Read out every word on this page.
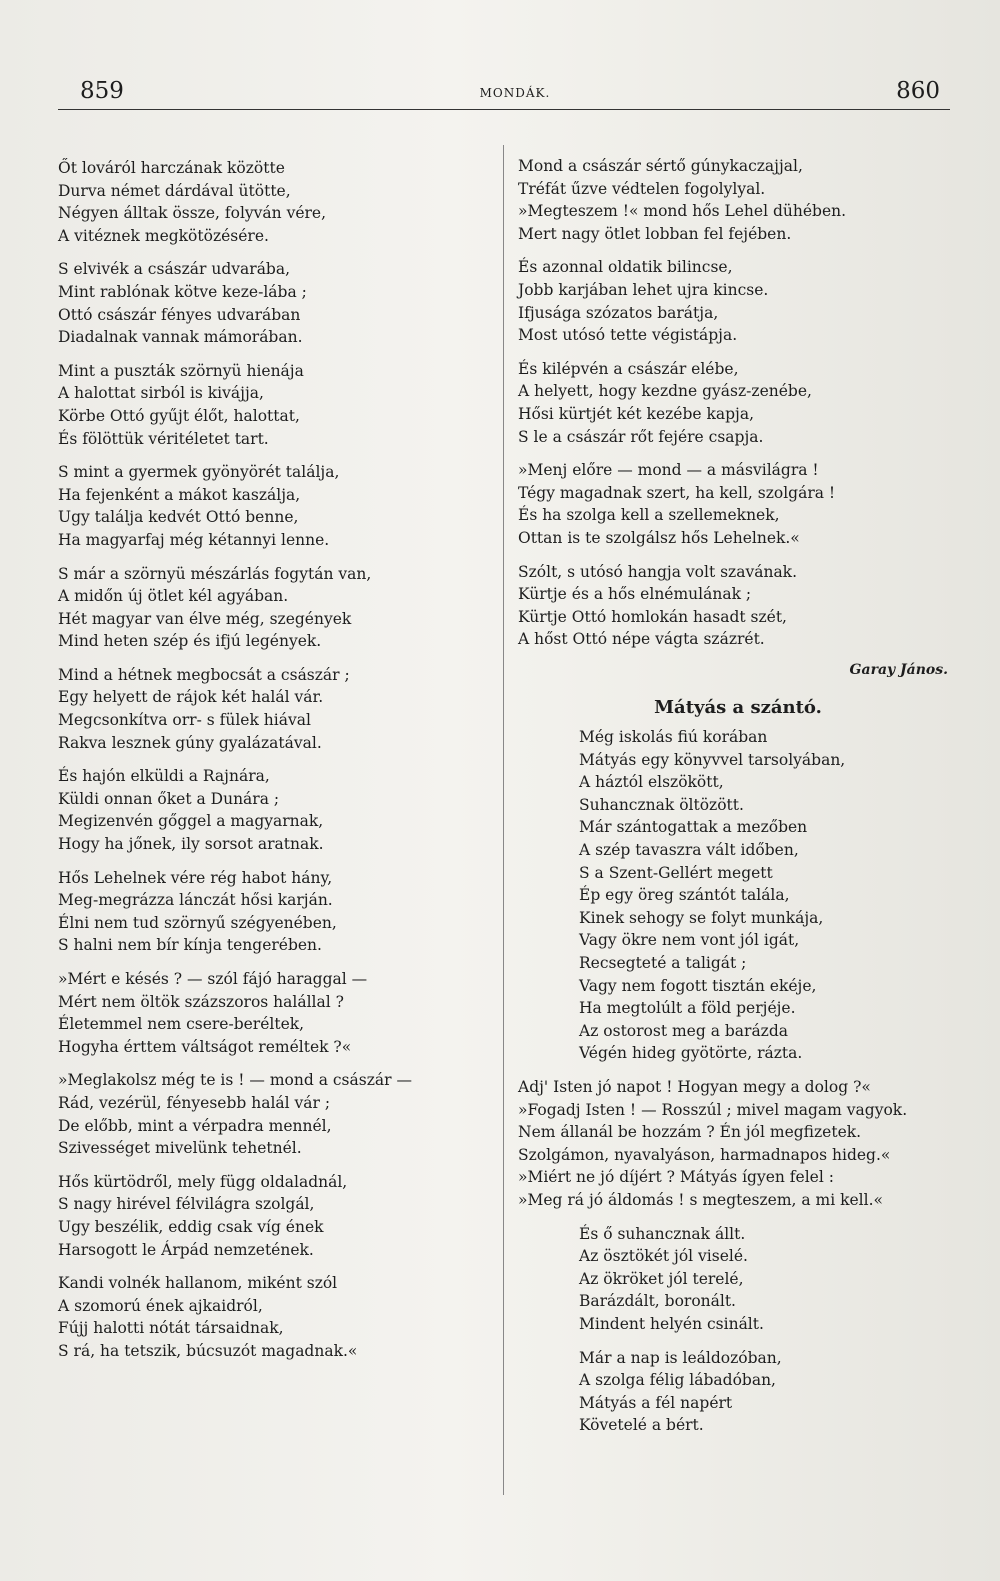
859	MONDÁK.	860
Őt lováról harczának közötte
Durva német dárdával ütötte,
Négyen álltak össze, folyván vére,
A vitéznek megkötözésére.
S elvivék a császár udvarába,
Mint rablónak kötve keze-lába ;
Ottó császár fényes udvarában
Diadalnak vannak mámorában.
Mint a puszták szörnyü hienája
A halottat sirból is kivájja,
Körbe Ottó gyűjt élőt, halottat,
És fölöttük véritéletet tart.
S mint a gyermek gyönyörét találja,
Ha fejenként a mákot kaszálja,
Ugy találja kedvét Ottó benne,
Ha magyarfaj még kétannyi lenne.
S már a szörnyü mészárlás fogytán van,
A midőn új ötlet kél agyában.
Hét magyar van élve még, szegények
Mind heten szép és ifjú legények.
Mind a hétnek megbocsát a császár ;
Egy helyett de rájok két halál vár.
Megcsonkítva orr- s fülek hiával
Rakva lesznek gúny gyalázatával.
És hajón elküldi a Rajnára,
Küldi onnan őket a Dunára ;
Megizenvén gőggel a magyarnak,
Hogy ha jőnek, ily sorsot aratnak.
Hős Lehelnek vére rég habot hány,
Meg-megrázza lánczát hősi karján.
Élni nem tud szörnyű szégyenében,
S halni nem bír kínja tengerében.
»Mért e késés ? — szól fájó haraggal —
Mért nem öltök százszoros halállal ?
Életemmel nem csere-beréltek,
Hogyha érttem váltságot reméltek ?«
»Meglakolsz még te is ! — mond a császár —
Rád, vezérül, fényesebb halál vár ;
De előbb, mint a vérpadra mennél,
Szivességet mivelünk tehetnél.
Hős kürtödről, mely függ oldaladnál,
S nagy hirével félvilágra szolgál,
Ugy beszélik, eddig csak víg ének
Harsogott le Árpád nemzetének.
Kandi volnék hallanom, miként szól
A szomorú ének ajkaidról,
Fújj halotti nótát társaidnak,
S rá, ha tetszik, búcsuzót magadnak.«
Mond a császár sértő gúnykaczajjal,
Tréfát űzve védtelen fogolylyal.
»Megteszem !« mond hős Lehel dühében.
Mert nagy ötlet lobban fel fejében.
És azonnal oldatik bilincse,
Jobb karjában lehet ujra kincse.
Ifjusága szózatos barátja,
Most utósó tette végistápja.
És kilépvén a császár elébe,
A helyett, hogy kezdne gyász-zenébe,
Hősi kürtjét két kezébe kapja,
S le a császár rőt fejére csapja.
»Menj előre — mond — a másvilágra !
Tégy magadnak szert, ha kell, szolgára !
És ha szolga kell a szellemeknek,
Ottan is te szolgálsz hős Lehelnek.«
Szólt, s utósó hangja volt szavának.
Kürtje és a hős elnémulának ;
Kürtje Ottó homlokán hasadt szét,
A hőst Ottó népe vágta százrét.
Garay János.
Mátyás a szántó.
Még iskolás fiú korában
Mátyás egy könyvvel tarsolyában,
A háztól elszökött,
Suhancznak öltözött.
Már szántogattak a mezőben
A szép tavaszra vált időben,
S a Szent-Gellért megett
Ép egy öreg szántót talála,
Kinek sehogy se folyt munkája,
Vagy ökre nem vont jól igát,
Recsegteté a taligát ;
Vagy nem fogott tisztán ekéje,
Ha megtolúlt a föld perjéje.
Az ostorost meg a barázda
Végén hideg gyötörte, rázta.
Adj' Isten jó napot ! Hogyan megy a dolog ?«
»Fogadj Isten ! — Rosszúl ; mivel magam vagyok.
Nem állanál be hozzám ? Én jól megfizetek.
Szolgámon, nyavalyáson, harmadnapos hideg.«
»Miért ne jó díjért ? Mátyás ígyen felel :
»Meg rá jó áldomás ! s megteszem, a mi kell.«
És ő suhancznak állt.
Az ösztökét jól viselé.
Az ökröket jól terelé,
Barázdált, boronált.
Mindent helyén csinált.
Már a nap is leáldozóban,
A szolga félig lábadóban,
Mátyás a fél napért
Követelé a bért.
